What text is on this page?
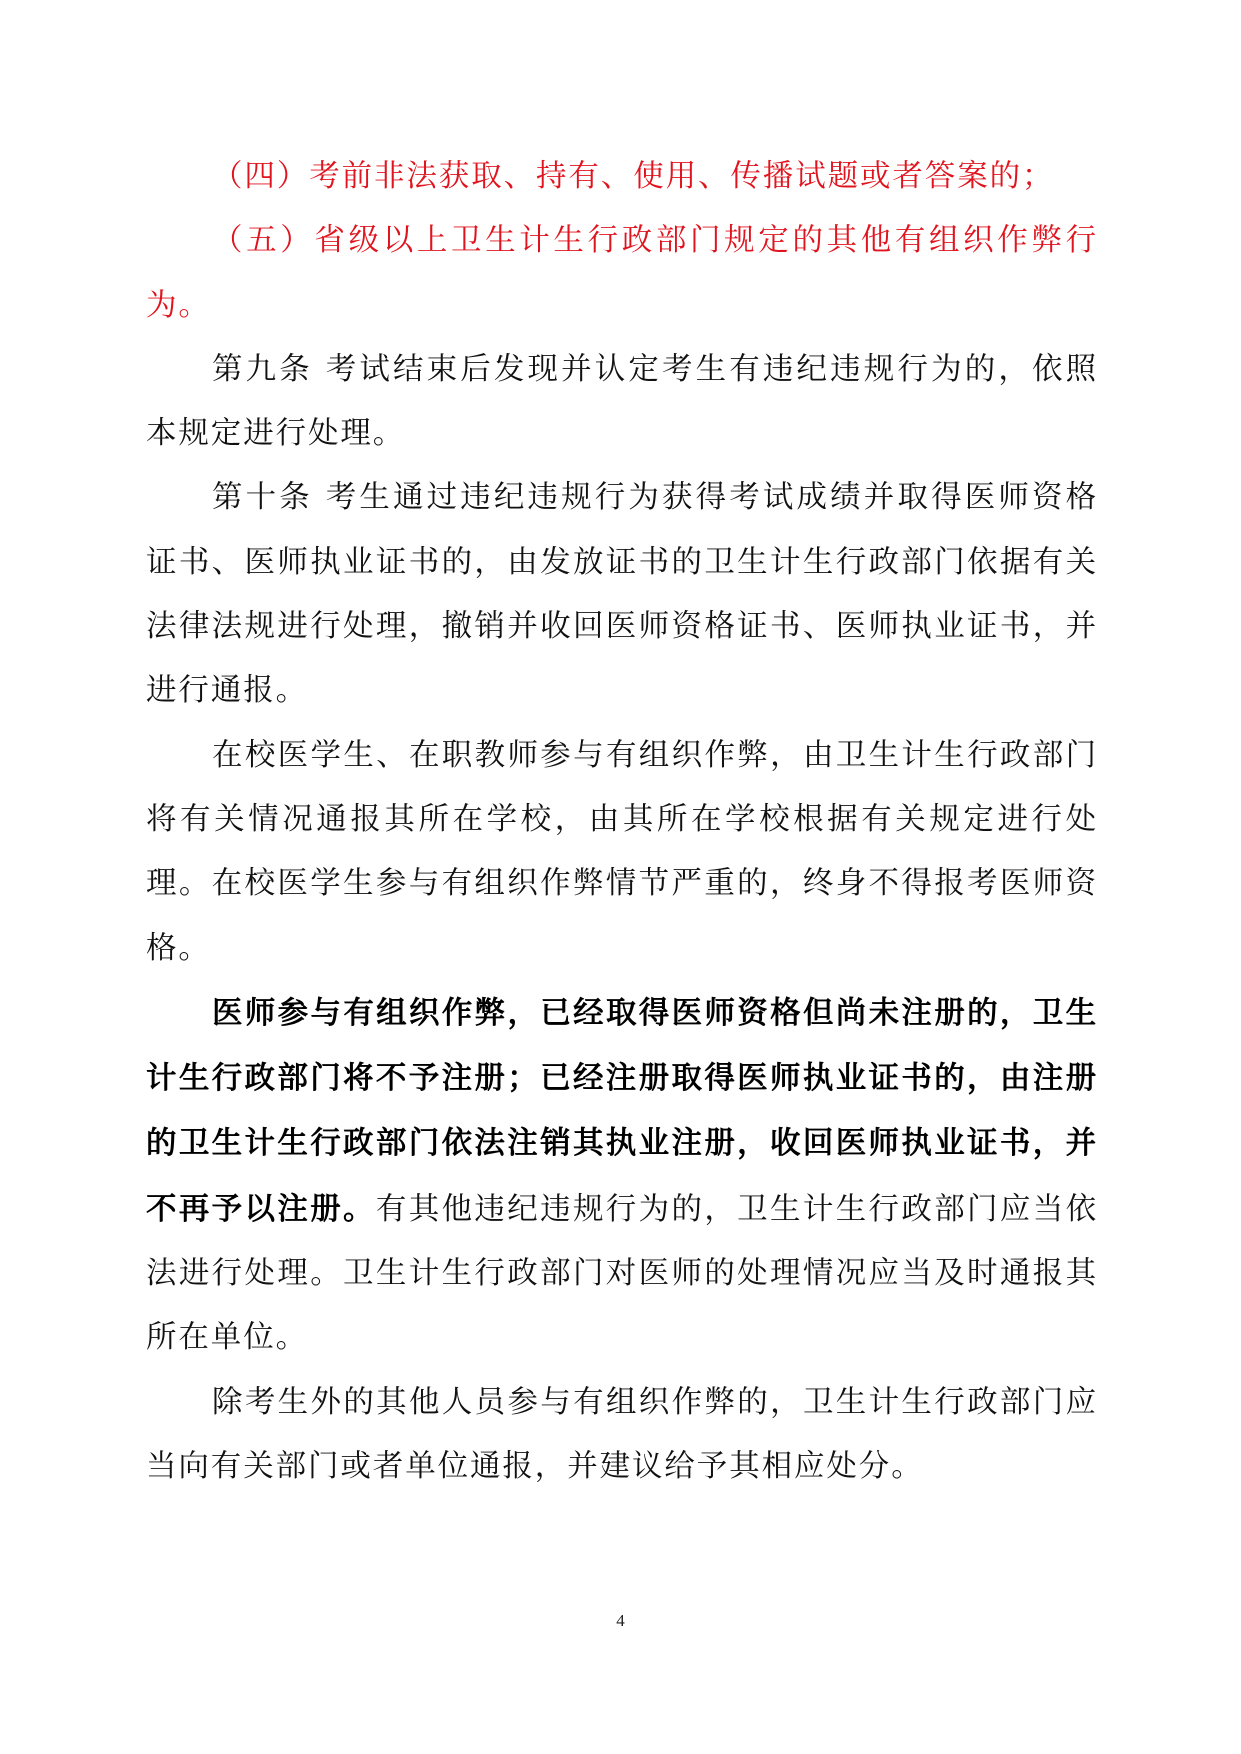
（四）考前非法获取、持有、使用、传播试题或者答案的；

（五）省级以上卫生计生行政部门规定的其他有组织作弊行为。

第九条 考试结束后发现并认定考生有违纪违规行为的，依照本规定进行处理。

第十条 考生通过违纪违规行为获得考试成绩并取得医师资格证书、医师执业证书的，由发放证书的卫生计生行政部门依据有关法律法规进行处理，撤销并收回医师资格证书、医师执业证书，并进行通报。

在校医学生、在职教师参与有组织作弊，由卫生计生行政部门将有关情况通报其所在学校，由其所在学校根据有关规定进行处理。在校医学生参与有组织作弊情节严重的，终身不得报考医师资格。

医师参与有组织作弊，已经取得医师资格但尚未注册的，卫生计生行政部门将不予注册；已经注册取得医师执业证书的，由注册的卫生计生行政部门依法注销其执业注册，收回医师执业证书，并不再予以注册。有其他违纪违规行为的，卫生计生行政部门应当依法进行处理。卫生计生行政部门对医师的处理情况应当及时通报其所在单位。

除考生外的其他人员参与有组织作弊的，卫生计生行政部门应当向有关部门或者单位通报，并建议给予其相应处分。

4
